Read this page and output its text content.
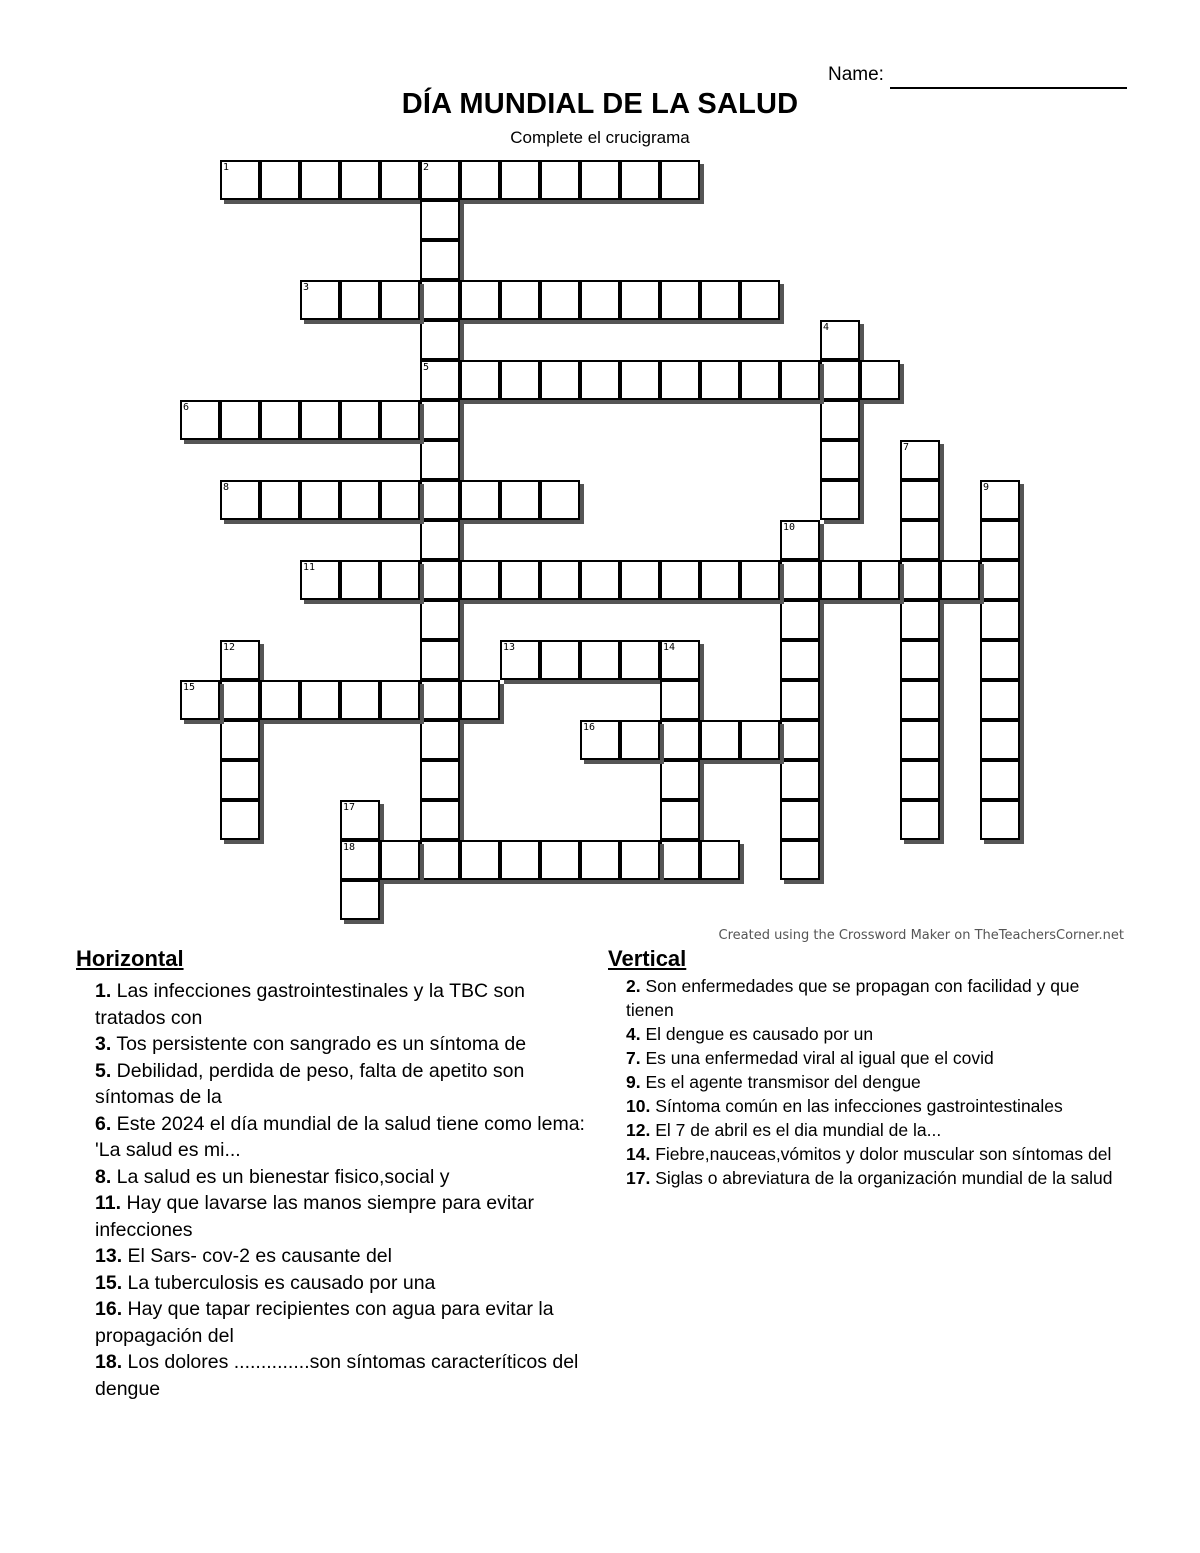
Name:
DÍA MUNDIAL DE LA SALUD
Complete el crucigrama
1	2
5
3
4
6
7
8	9
10
11
12	13	14
15
16
17
18
Created using the Crossword Maker on TheTeachersCorner.net
Horizontal
1. Las infecciones gastrointestinales y la TBC son tratados con
3. Tos persistente con sangrado es un síntoma de
5. Debilidad, perdida de peso, falta de apetito son síntomas de la
6. Este 2024 el día mundial de la salud tiene como lema: 'La salud es mi...
8. La salud es un bienestar fisico,social y
11. Hay que lavarse las manos siempre para evitar infecciones
13. El Sars- cov-2 es causante del
15. La tuberculosis es causado por una
16. Hay que tapar recipientes con agua para evitar la propagación del
18. Los dolores ..............son síntomas caracteríticos del dengue
Vertical
2. Son enfermedades que se propagan con facilidad y que tienen
4. El dengue es causado por un
7. Es una enfermedad viral al igual que el covid
9. Es el agente transmisor del dengue
10. Síntoma común en las infecciones gastrointestinales
12. El 7 de abril es el dia mundial de la...
14. Fiebre,nauceas,vómitos y dolor muscular son síntomas del
17. Siglas o abreviatura de la organización mundial de la salud
